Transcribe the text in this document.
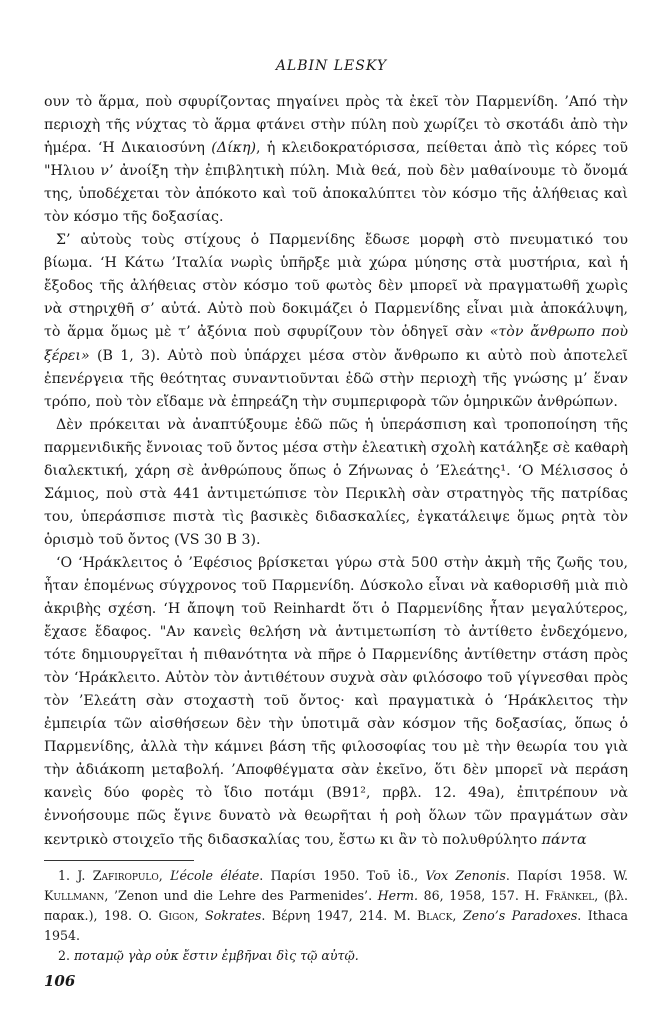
ALBIN LESKY

ουν τὸ ἅρμα, ποὺ σφυρίζοντας πηγαίνει πρὸς τὰ ἐκεῖ τὸν Παρμενίδη. ’Από τὴν περιοχὴ τῆς νύχτας τὸ ἅρμα φτάνει στὴν πύλη ποὺ χωρίζει τὸ σκοτάδι ἀπὸ τὴν ἡμέρα. ‘Η Δικαιοσύνη (Δίκη), ἡ κλειδοκρατόρισσα, πείθεται ἀπὸ τὶς κόρες τοῦ "Ηλιου ν’ ἀνοίξη τὴν ἐπιβλητικὴ πύλη. Μιὰ θεά, ποὺ δὲν μαθαίνουμε τὸ ὄνομά της, ὑποδέχεται τὸν ἀπόκοτο καὶ τοῦ ἀποκαλύπτει τὸν κόσμο τῆς ἀλήθειας καὶ τὸν κόσμο τῆς δοξασίας.

Σ’ αὐτοὺς τοὺς στίχους ὁ Παρμενίδης ἔδωσε μορφὴ στὸ πνευματικό του βίωμα. ‘Η Κάτω ’Ιταλία νωρὶς ὑπῆρξε μιὰ χώρα μύησης στὰ μυστήρια, καὶ ἡ ἔξοδος τῆς ἀλήθειας στὸν κόσμο τοῦ φωτὸς δὲν μπορεῖ νὰ πραγματωθῆ χωρὶς νὰ στηριχθῆ σ’ αὐτά. Αὐτὸ ποὺ δοκιμάζει ὁ Παρμενίδης εἶναι μιὰ ἀποκάλυψη, τὸ ἅρμα ὅμως μὲ τ’ ἀξόνια ποὺ σφυρίζουν τὸν ὁδηγεῖ σὰν «τὸν ἄνθρωπο ποὺ ξέρει» (B 1, 3). Αὐτὸ ποὺ ὑπάρχει μέσα στὸν ἄνθρωπο κι αὐτὸ ποὺ ἀποτελεῖ ἐπενέργεια τῆς θεότητας συναντιοῦνται ἐδῶ στὴν περιοχὴ τῆς γνώσης μ’ ἕναν τρόπο, ποὺ τὸν εἴδαμε νὰ ἐπηρεάζη τὴν συμπεριφορὰ τῶν ὁμηρικῶν ἀνθρώπων.

Δὲν πρόκειται νὰ ἀναπτύξουμε ἐδῶ πῶς ἡ ὑπεράσπιση καὶ τροποποίηση τῆς παρμενιδικῆς ἔννοιας τοῦ ὄντος μέσα στὴν ἐλεατικὴ σχολὴ κατάληξε σὲ καθαρὴ διαλεκτική, χάρη σὲ ἀνθρώπους ὅπως ὁ Ζήνωνας ὁ ’Ελεάτης¹. ‘Ο Μέλισσος ὁ Σάμιος, ποὺ στὰ 441 ἀντιμετώπισε τὸν Περικλὴ σὰν στρατηγὸς τῆς πατρίδας του, ὑπεράσπισε πιστὰ τὶς βασικὲς διδασκαλίες, ἐγκατάλειψε ὅμως ρητὰ τὸν ὁρισμὸ τοῦ ὄντος (VS 30 B 3).

‘Ο ‘Ηράκλειτος ὁ ’Εφέσιος βρίσκεται γύρω στὰ 500 στὴν ἀκμὴ τῆς ζωῆς του, ἦταν ἑπομένως σύγχρονος τοῦ Παρμενίδη. Δύσκολο εἶναι νὰ καθορισθῆ μιὰ πιὸ ἀκριβὴς σχέση. ‘Η ἄποψη τοῦ Reinhardt ὅτι ὁ Παρμενίδης ἦταν μεγαλύτερος, ἔχασε ἔδαφος. "Αν κανεὶς θελήση νὰ ἀντιμετωπίση τὸ ἀντίθετο ἐνδεχόμενο, τότε δημιουργεῖται ἡ πιθανότητα νὰ πῆρε ὁ Παρμενίδης ἀντίθετην στάση πρὸς τὸν ‘Ηράκλειτο. Αὐτὸν τὸν ἀντιθέτουν συχνὰ σὰν φιλόσοφο τοῦ γίγνεσθαι πρὸς τὸν ’Ελεάτη σὰν στοχαστὴ τοῦ ὄντος· καὶ πραγματικὰ ὁ ‘Ηράκλειτος τὴν ἐμπειρία τῶν αἰσθήσεων δὲν τὴν ὑποτιμᾶ σὰν κόσμον τῆς δοξασίας, ὅπως ὁ Παρμενίδης, ἀλλὰ τὴν κάμνει βάση τῆς φιλοσοφίας του μὲ τὴν θεωρία του γιὰ τὴν ἀδιάκοπη μεταβολή. ’Αποφθέγματα σὰν ἐκεῖνο, ὅτι δὲν μπορεῖ νὰ περάση κανεὶς δύο φορὲς τὸ ἴδιο ποτάμι (B91², πρβλ. 12. 49a), ἐπιτρέπουν νὰ ἐννοήσουμε πῶς ἔγινε δυνατὸ νὰ θεωρῆται ἡ ροὴ ὅλων τῶν πραγμάτων σὰν κεντρικὸ στοιχεῖο τῆς διδασκαλίας του, ἔστω κι ἂν τὸ πολυθρύλητο πάντα

1. J. Zafiropulo, L’école éléate. Παρίσι 1950. Τοῦ ἰδ., Vox Zenonis. Παρίσι 1958. W. Kullmann, ’Zenon und die Lehre des Parmenides’. Herm. 86, 1958, 157. H. Fränkel, (βλ. παρακ.), 198. O. Gigon, Sokrates. Βέρνη 1947, 214. M. Black, Zeno’s Paradoxes. Ithaca 1954.

2. ποταμῷ γὰρ οὐκ ἔστιν ἐμβῆναι δὶς τῷ αὐτῷ.

106
